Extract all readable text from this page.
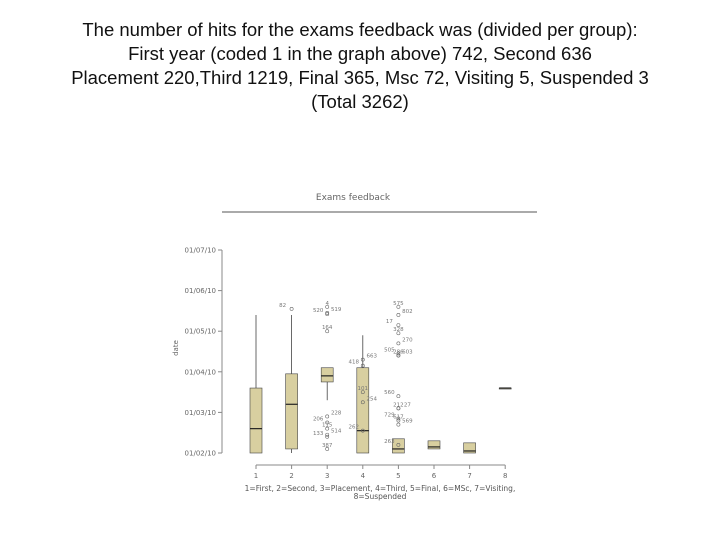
The number of hits for the exams feedback was (divided per group):
First year (coded 1 in the graph above) 742, Second 636
Placement 220,Third 1219, Final 365, Msc 72, Visiting 5, Suspended 3
(Total 3262)
Exams feedback
date
01/02/10
01/03/10
01/04/10
01/05/10
01/06/10
01/07/10
1	2	3	4	5	6	7	8
82	4
519
520
164
228
206
115
514
133
387
663
418
101
254
262
575
802
17
328
270
505
286
603
560
212 27
729
617
569
263
1=First, 2=Second, 3=Placement, 4=Third, 5=Final, 6=MSc, 7=Visiting,
8=Suspended
